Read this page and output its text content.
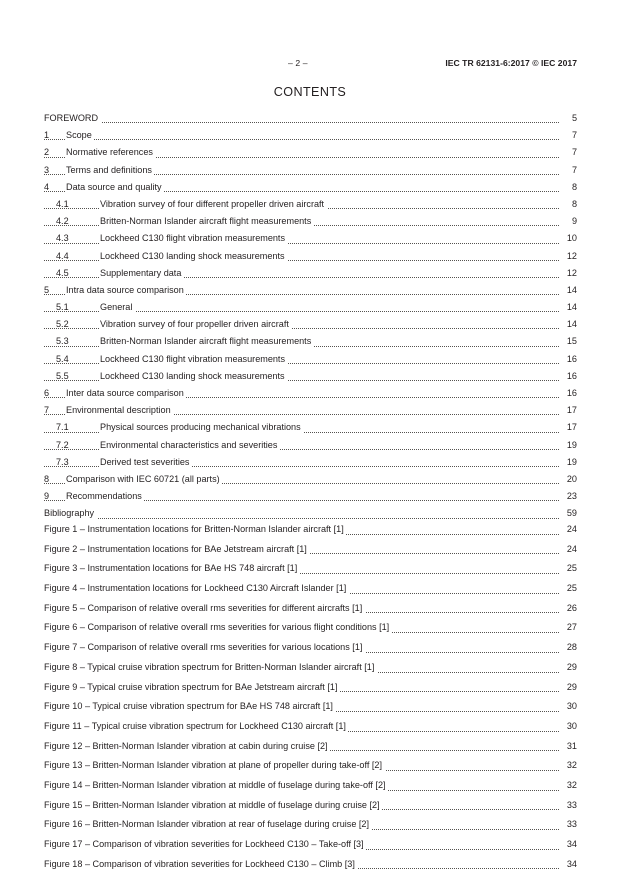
– 2 –	IEC TR 62131-6:2017 © IEC 2017
CONTENTS
FOREWORD	5
1	Scope	7
2	Normative references	7
3	Terms and definitions	7
4	Data source and quality	8
4.1	Vibration survey of four different propeller driven aircraft	8
4.2	Britten-Norman Islander aircraft flight measurements	9
4.3	Lockheed C130 flight vibration measurements	10
4.4	Lockheed C130 landing shock measurements	12
4.5	Supplementary data	12
5	Intra data source comparison	14
5.1	General	14
5.2	Vibration survey of four propeller driven aircraft	14
5.3	Britten-Norman Islander aircraft flight measurements	15
5.4	Lockheed C130 flight vibration measurements	16
5.5	Lockheed C130 landing shock measurements	16
6	Inter data source comparison	16
7	Environmental description	17
7.1	Physical sources producing mechanical vibrations	17
7.2	Environmental characteristics and severities	19
7.3	Derived test severities	19
8	Comparison with IEC 60721 (all parts)	20
9	Recommendations	23
Bibliography	59
Figure 1 – Instrumentation locations for Britten-Norman Islander aircraft [1]	24
Figure 2 – Instrumentation locations for BAe Jetstream aircraft [1]	24
Figure 3 – Instrumentation locations for BAe HS 748 aircraft [1]	25
Figure 4 – Instrumentation locations for Lockheed C130 Aircraft Islander [1]	25
Figure 5 – Comparison of relative overall rms severities for different aircrafts [1]	26
Figure 6 – Comparison of relative overall rms severities for various flight conditions [1]	27
Figure 7 – Comparison of relative overall rms severities for various locations [1]	28
Figure 8 – Typical cruise vibration spectrum for Britten-Norman Islander aircraft [1]	29
Figure 9 – Typical cruise vibration spectrum for BAe Jetstream aircraft [1]	29
Figure 10 – Typical cruise vibration spectrum for BAe HS 748 aircraft [1]	30
Figure 11 – Typical cruise vibration spectrum for Lockheed C130 aircraft [1]	30
Figure 12 – Britten-Norman Islander vibration at cabin during cruise [2]	31
Figure 13 – Britten-Norman Islander vibration at plane of propeller during take-off [2]	32
Figure 14 – Britten-Norman Islander vibration at middle of fuselage during take-off [2]	32
Figure 15 – Britten-Norman Islander vibration at middle of fuselage during cruise [2]	33
Figure 16 – Britten-Norman Islander vibration at rear of fuselage during cruise [2]	33
Figure 17 – Comparison of vibration severities for Lockheed C130 – Take-off [3]	34
Figure 18 – Comparison of vibration severities for Lockheed C130 – Climb [3]	34
